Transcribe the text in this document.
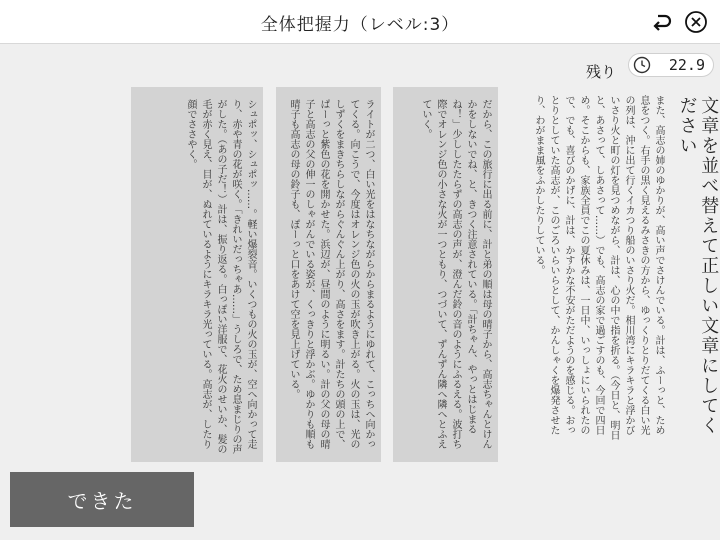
全体把握力（レベル:3）
残り	22.9
文章を並べ替えて正しい文章にしてください
また、高志の姉のゆかりが、高い声でさけんでいる。計は、ふーっと、ため息をつく。右手の黒く見えるみさきの方から、ゆっくりとりだてくる白い光の列は、沖に出て行くイカつり船のいさり火だ。相川湾にキラキラと浮かびいさり火と町の灯を見つめながら、計は、心の中で指を折る。（今日と、明日と、あさって、しあさって……）でも、高志の家で過ごすのも、今回で四日め。そこからも、家族全員でこの夏休みは、一日中、いっしょにいられたので、でも、喜びのかげに、計は、かすかな不安がただようのを感じる。おっとりとしていた高志が、このごろいらいらとして、かんしゃくを爆発させたり、わがまま風をふかしたりしている。
だから、この旅行に出る前に、計と弟の順は母の晴子から、高志ちゃんとけんかをしないでね、と、きつく注意されている。「計ちゃん、やっとはじまるね！」少ししたたらずの高志の声が、澄んだ鈴の音のようにふるえる。波打ち際でオレンジ色の小さな火が一つともり、つづいて、ずんずん隣へ隣へとふえていく。
ライトが二つ、白い光をはなちながらからまるようにゆれて、こっちへ向かってくる。向こうで、今度はオレンジ色の火の玉が吹き上がる。火の玉は、光のしずくをまきちらしながらぐんぐん上がり、高さをます。計たちの頭の上で、ぱーっと紫色の花を開かせた。浜辺が、昼間のように明るい。計の父の母の晴子と高志の父の伸一のしゃがんでいる姿が、くっきりと浮かぶ。ゆかりも順も晴子も高志の母の鈴子も、ぽーっと口をあけて空を見上げている。
シュポッ、シュポッ……。軽い爆裂音。いくつもの火の玉が、空へ向かって走り、赤や青の花が咲く。「きれいだっちゃあ……」うしろで、ため息まじりの声がした。（あの子だ！）計は、振り返る。白っぽい洋服で、花火のせいか、髪の毛が赤く見え、目が、ぬれているようにキラキラ光っている。高志が、したり顔でささやく。
できた
